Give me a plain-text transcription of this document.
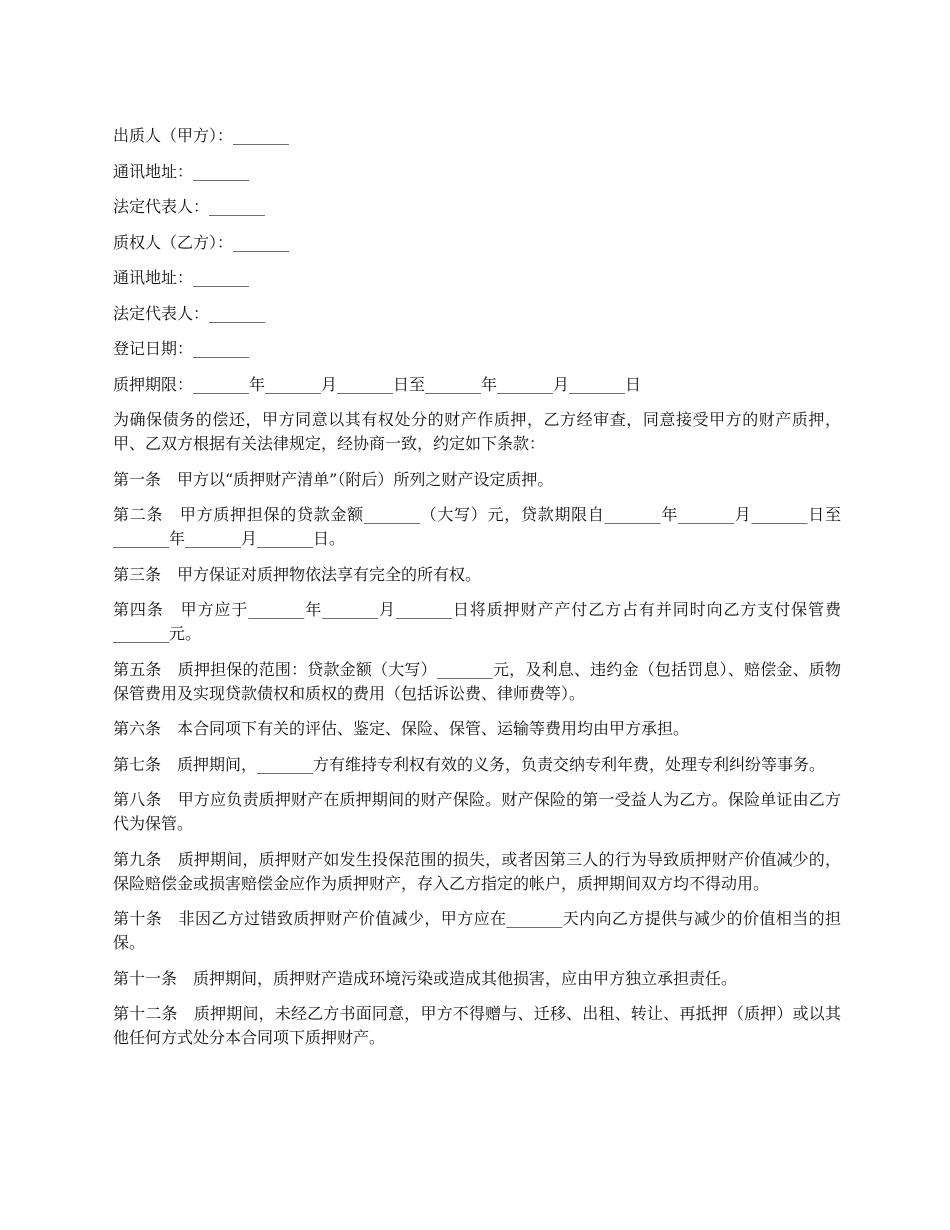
出质人（甲方）：_______
通讯地址：_______
法定代表人：_______
质权人（乙方）：_______
通讯地址：_______
法定代表人：_______
登记日期：_______
质押期限：_______年_______月_______日至_______年_______月_______日

为确保债务的偿还，甲方同意以其有权处分的财产作质押，乙方经审查，同意接受甲方的财产质押，甲、乙双方根据有关法律规定，经协商一致，约定如下条款：

第一条　甲方以“质押财产清单”（附后）所列之财产设定质押。

第二条　甲方质押担保的贷款金额_______（大写）元，贷款期限自_______年_______月_______日至_______年_______月_______日。

第三条　甲方保证对质押物依法享有完全的所有权。

第四条　甲方应于_______年_______月_______日将质押财产产付乙方占有并同时向乙方支付保管费_______元。

第五条　质押担保的范围：贷款金额（大写）_______元，及利息、违约金（包括罚息）、赔偿金、质物保管费用及实现贷款债权和质权的费用（包括诉讼费、律师费等）。

第六条　本合同项下有关的评估、鉴定、保险、保管、运输等费用均由甲方承担。

第七条　质押期间，_______方有维持专利权有效的义务，负责交纳专利年费，处理专利纠纷等事务。

第八条　甲方应负责质押财产在质押期间的财产保险。财产保险的第一受益人为乙方。保险单证由乙方代为保管。

第九条　质押期间，质押财产如发生投保范围的损失，或者因第三人的行为导致质押财产价值减少的，保险赔偿金或损害赔偿金应作为质押财产，存入乙方指定的帐户，质押期间双方均不得动用。

第十条　非因乙方过错致质押财产价值减少，甲方应在_______天内向乙方提供与减少的价值相当的担保。

第十一条　质押期间，质押财产造成环境污染或造成其他损害，应由甲方独立承担责任。

第十二条　质押期间，未经乙方书面同意，甲方不得赠与、迁移、出租、转让、再抵押（质押）或以其他任何方式处分本合同项下质押财产。
